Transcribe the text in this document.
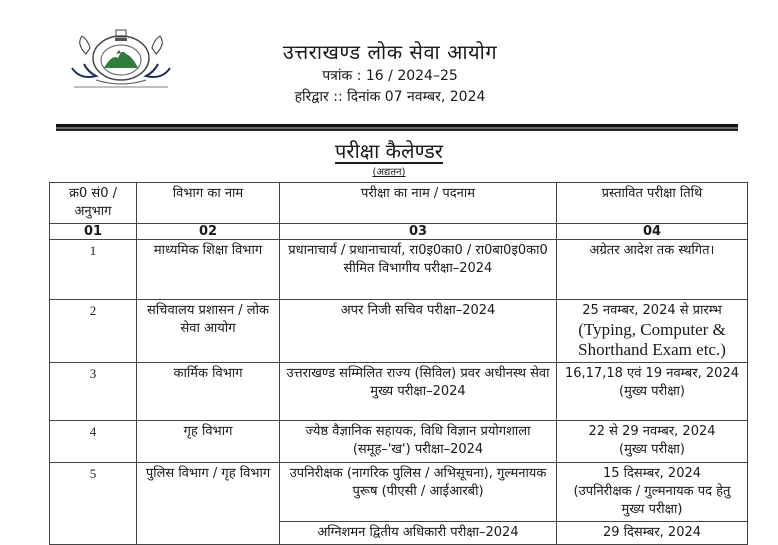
उत्तराखण्ड लोक सेवा आयोग
पत्रांक : 16 / 2024–25
हरिद्वार :: दिनांक 07 नवम्बर, 2024
परीक्षा कैलेण्डर
(अद्यतन)
क्र0 सं0 / अनुभाग	विभाग का नाम	परीक्षा का नाम / पदनाम	प्रस्तावित परीक्षा तिथि
01	02	03	04
1	माध्यमिक शिक्षा विभाग	प्रधानाचार्य / प्रधानाचार्या, रा0इ0का0 / रा0बा0इ0का0 सीमित विभागीय परीक्षा–2024	अग्रेतर आदेश तक स्थगित।

2	सचिवालय प्रशासन / लोक सेवा आयोग	अपर निजी सचिव परीक्षा–2024	25 नवम्बर, 2024 से प्रारम्भ
(Typing, Computer & Shorthand Exam etc.)

3	कार्मिक विभाग	उत्तराखण्ड सम्मिलित राज्य (सिविल) प्रवर अधीनस्थ सेवा मुख्य परीक्षा–2024	16,17,18 एवं 19 नवम्बर, 2024
(मुख्य परीक्षा)

4	गृह विभाग	ज्येष्ठ वैज्ञानिक सहायक, विधि विज्ञान प्रयोगशाला (समूह–'ख') परीक्षा–2024	22 से 29 नवम्बर, 2024
(मुख्य परीक्षा)

5	पुलिस विभाग / गृह विभाग	उपनिरीक्षक (नागरिक पुलिस / अभिसूचना), गुल्मनायक पुरूष (पीएसी / आईआरबी)	15 दिसम्बर, 2024
(उपनिरीक्षक / गुल्मनायक पद हेतु मुख्य परीक्षा)

		अग्निशमन द्वितीय अधिकारी परीक्षा–2024	29 दिसम्बर, 2024
